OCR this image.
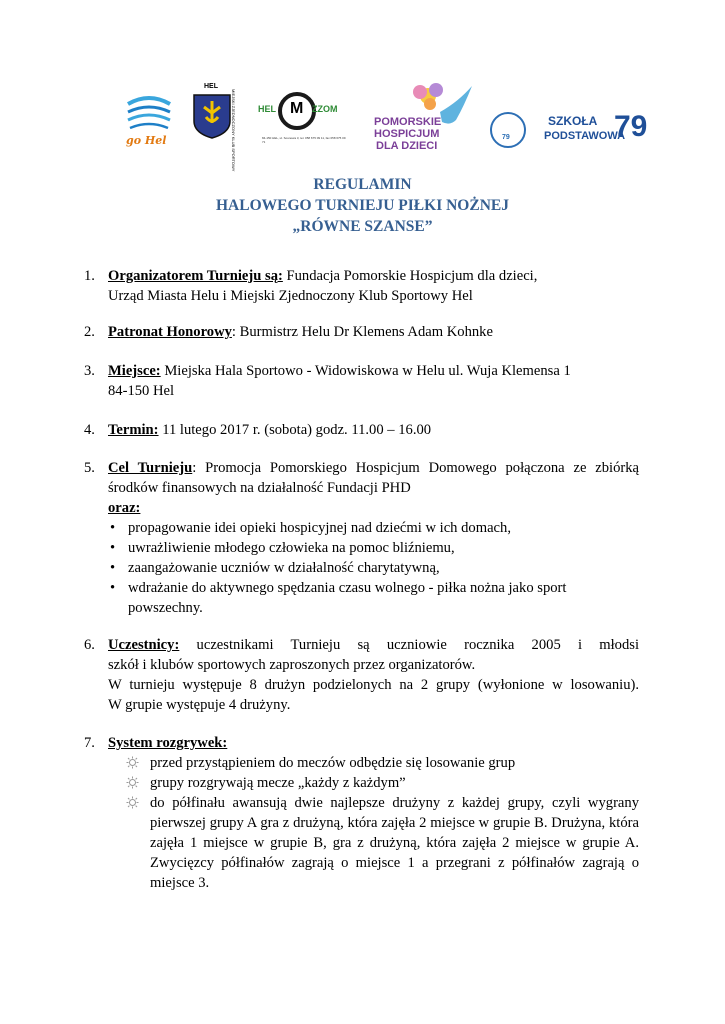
go Hel
HEL
MIEJSKI ZJEDNOCZONY KLUB SPORTOWY HEL M ZZOM
84-150 HEL, ul. Sosnowa 3, tel. 058 675 09 11, fax 058 675 09 71
POMORSKIE
HOSPICJUM
DLA DZIECI
79
SZKOŁA
PODSTAWOWA
79
REGULAMIN
HALOWEGO TURNIEJU PIŁKI NOŻNEJ
„RÓWNE SZANSE”
1. Organizatorem Turnieju są: Fundacja Pomorskie Hospicjum dla dzieci,
Urząd Miasta Helu i Miejski Zjednoczony Klub Sportowy Hel
2. Patronat Honorowy: Burmistrz Helu Dr Klemens Adam Kohnke
3. Miejsce: Miejska Hala Sportowo - Widowiskowa w Helu ul. Wuja Klemensa 1
84-150 Hel
4. Termin: 11 lutego 2017 r. (sobota) godz. 11.00 – 16.00
5. Cel Turnieju: Promocja Pomorskiego Hospicjum Domowego połączona ze zbiórką
środków finansowych na działalność Fundacji PHD
oraz:
• propagowanie idei opieki hospicyjnej nad dziećmi w ich domach,
• uwrażliwienie młodego człowieka na pomoc bliźniemu,
• zaangażowanie uczniów w działalność charytatywną,
• wdrażanie do aktywnego spędzania czasu wolnego - piłka nożna jako sport powszechny.
6. Uczestnicy: uczestnikami Turnieju są uczniowie rocznika 2005 i młodsi
szkół i klubów sportowych zaproszonych przez organizatorów.
W turnieju występuje 8 drużyn podzielonych na 2 grupy (wyłonione w losowaniu).
W grupie występuje 4 drużyny.
7. System rozgrywek:
przed przystąpieniem do meczów odbędzie się losowanie grup
grupy rozgrywają mecze „każdy z każdym”
do półfinału awansują dwie najlepsze drużyny z każdej grupy, czyli wygrany pierwszej grupy A gra z drużyną, która zajęła 2 miejsce w grupie B. Drużyna, która zajęła 1 miejsce w grupie B, gra z drużyną, która zajęła 2 miejsce w grupie A. Zwycięzcy półfinałów zagrają o miejsce 1 a przegrani z półfinałów zagrają o miejsce 3.
